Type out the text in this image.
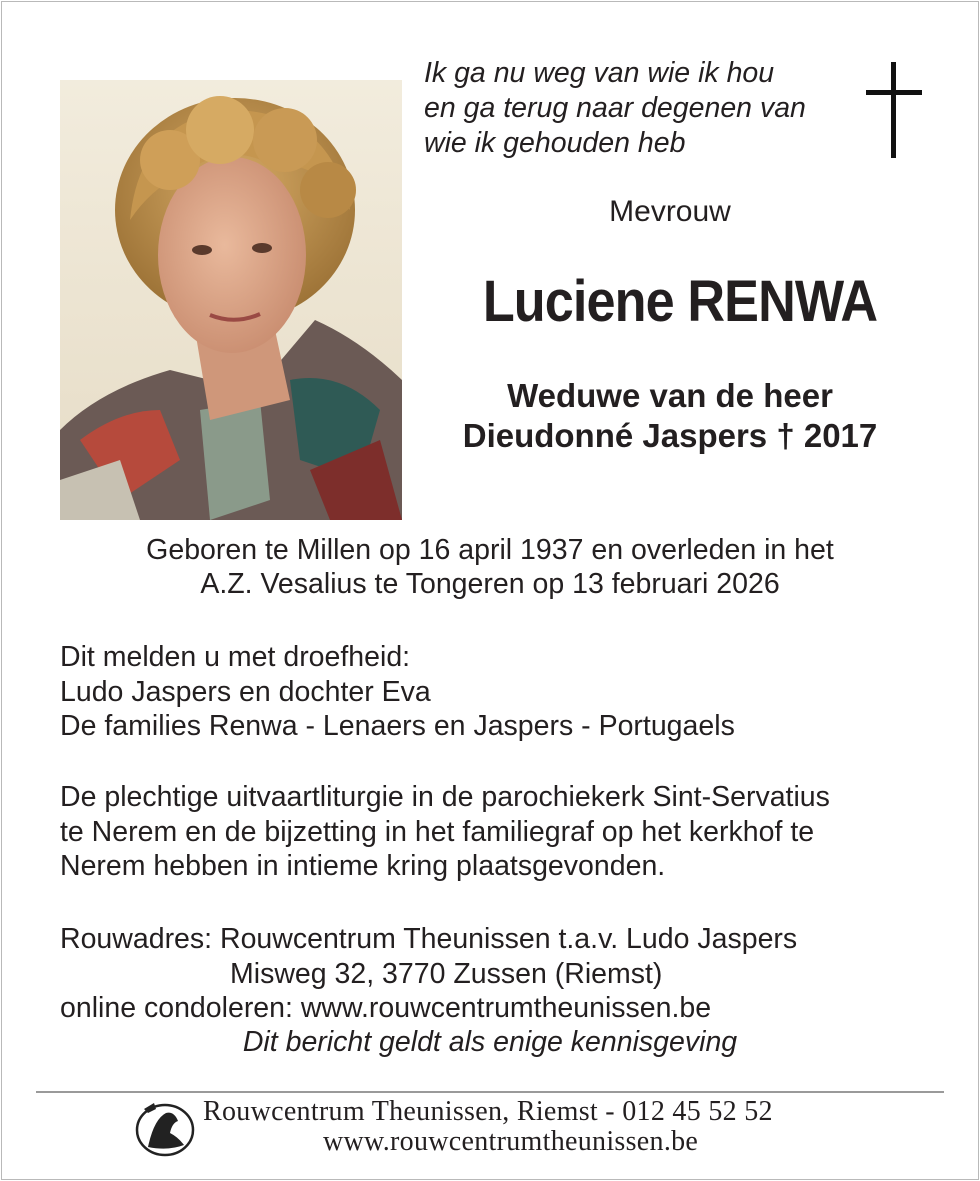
Ik ga nu weg van wie ik hou
en ga terug naar degenen van
wie ik gehouden heb
Mevrouw
Luciene RENWA
Weduwe van de heer
Dieudonné Jaspers † 2017
Geboren te Millen op 16 april 1937 en overleden in het
A.Z. Vesalius te Tongeren op 13 februari 2026
Dit melden u met droefheid:
Ludo Jaspers en dochter Eva
De families Renwa - Lenaers en Jaspers - Portugaels
De plechtige uitvaartliturgie in de parochiekerk Sint-Servatius
te Nerem en de bijzetting in het familiegraf op het kerkhof te
Nerem hebben in intieme kring plaatsgevonden.
Rouwadres: Rouwcentrum Theunissen t.a.v. Ludo Jaspers
Misweg 32, 3770 Zussen (Riemst)
online condoleren: www.rouwcentrumtheunissen.be
Dit bericht geldt als enige kennisgeving
Rouwcentrum Theunissen, Riemst - 012 45 52 52
www.rouwcentrumtheunissen.be
